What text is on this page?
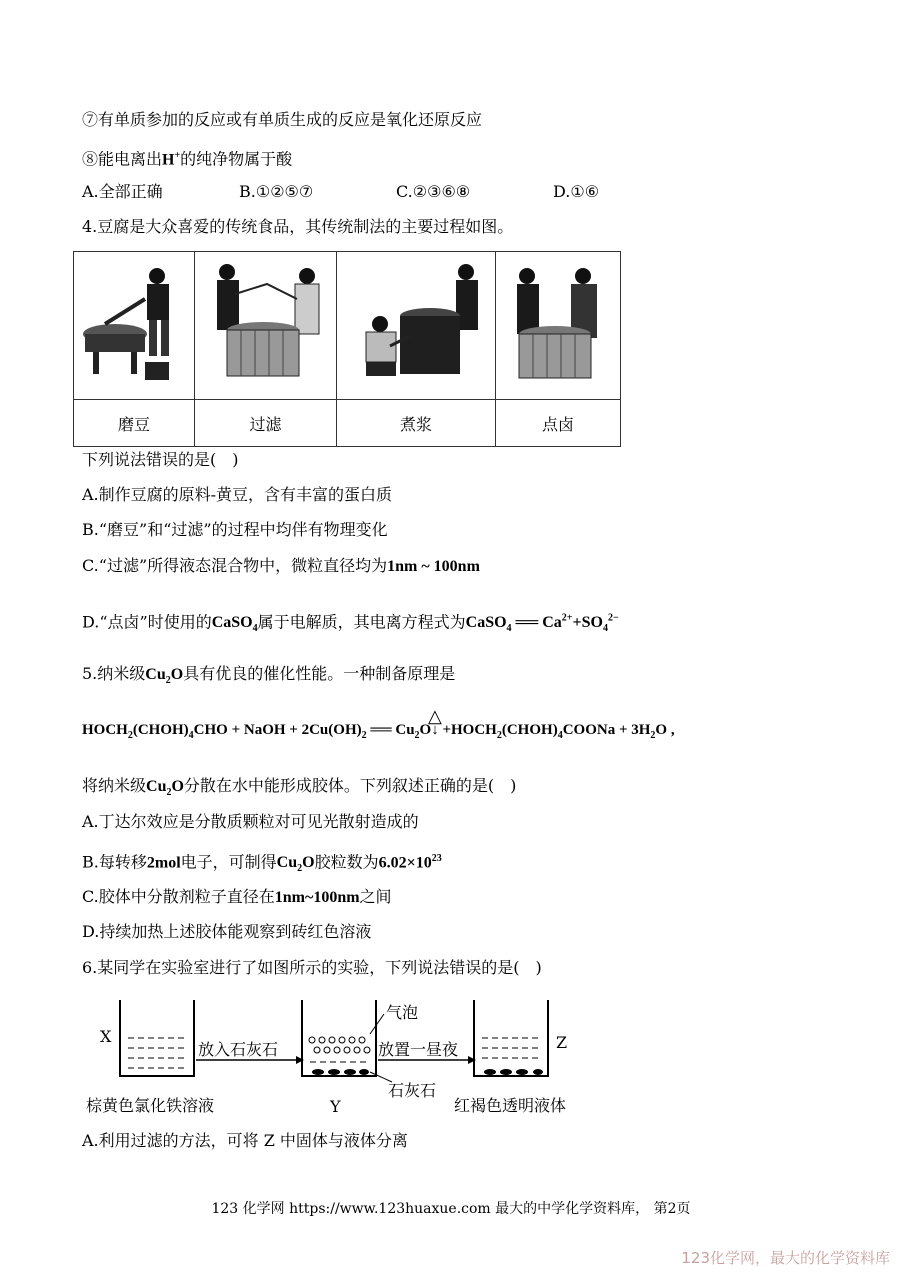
⑦有单质参加的反应或有单质生成的反应是氧化还原反应
⑧能电离出H+的纯净物属于酸
A.全部正确	B.①②⑤⑦	C.②③⑥⑧	D.①⑥
4.豆腐是大众喜爱的传统食品，其传统制法的主要过程如图。

磨豆	过滤	煮浆	点卤
下列说法错误的是(　)
A.制作豆腐的原料-黄豆，含有丰富的蛋白质
B.“磨豆”和“过滤”的过程中均伴有物理变化
C.“过滤”所得液态混合物中，微粒直径均为1nm ~ 100nm
D.“点卤”时使用的CaSO$_4$属于电解质，其电离方程式为CaSO$_4$ ══ $Ca^{2+}+SO_4^{2-}$
5.纳米级$Cu_2O$具有优良的催化性能。一种制备原理是
△
$HOCH_2(CHOH)_4CHO$ + NaOH + $2Cu(OH)_2$ ══ $Cu_2O↓$ $+HOCH_2(CHOH)_4COONa + 3H_2O$ ,
将纳米级$Cu_2O$分散在水中能形成胶体。下列叙述正确的是(　)
A.丁达尔效应是分散质颗粒对可见光散射造成的
B.每转移2mol电子，可制得$Cu_2O$胶粒数为$6.02\times 10^{23}$
C.胶体中分散剂粒子直径在1nm~100nm之间
D.持续加热上述胶体能观察到砖红色溶液
6.某同学在实验室进行了如图所示的实验，下列说法错误的是(　)
X
放入石灰石
气泡
放置一昼夜	Z
棕黄色氯化铁溶液	Y
石灰石
红褐色透明液体
A.利用过滤的方法，可将 Z 中固体与液体分离
123 化学网 https://www.123huaxue.com 最大的中学化学资料库， 第2页
123化学网，最大的化学资料库
